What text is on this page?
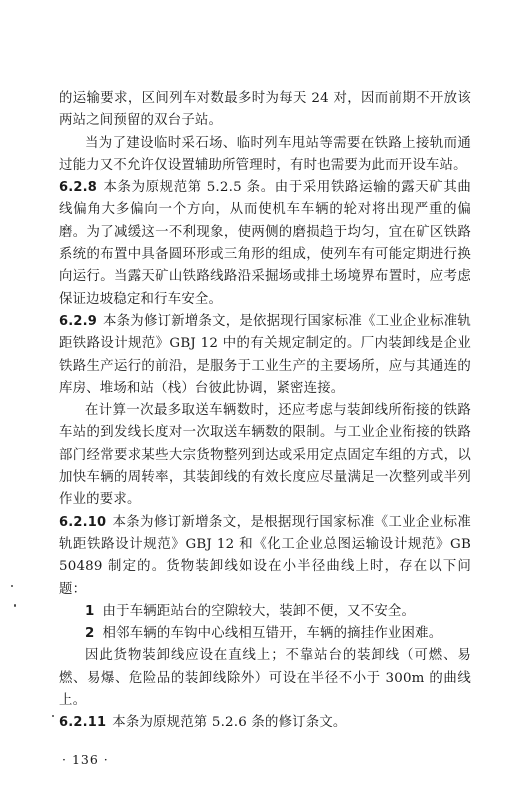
的运输要求，区间列车对数最多时为每天 24 对，因而前期不开放该两站之间预留的双台子站。

当为了建设临时采石场、临时列车甩站等需要在铁路上接轨而通过能力又不允许仅设置辅助所管理时，有时也需要为此而开设车站。

6.2.8 本条为原规范第 5.2.5 条。由于采用铁路运输的露天矿其曲线偏角大多偏向一个方向，从而使机车车辆的轮对将出现严重的偏磨。为了减缓这一不利现象，使两侧的磨损趋于均匀，宜在矿区铁路系统的布置中具备圆环形或三角形的组成，使列车有可能定期进行换向运行。当露天矿山铁路线路沿采掘场或排土场境界布置时，应考虑保证边坡稳定和行车安全。

6.2.9 本条为修订新增条文，是依据现行国家标准《工业企业标准轨距铁路设计规范》GBJ 12 中的有关规定制定的。厂内装卸线是企业铁路生产运行的前沿，是服务于工业生产的主要场所，应与其通连的库房、堆场和站（栈）台彼此协调，紧密连接。

在计算一次最多取送车辆数时，还应考虑与装卸线所衔接的铁路车站的到发线长度对一次取送车辆数的限制。与工业企业衔接的铁路部门经常要求某些大宗货物整列到达或采用定点固定车组的方式，以加快车辆的周转率，其装卸线的有效长度应尽量满足一次整列或半列作业的要求。

6.2.10 本条为修订新增条文，是根据现行国家标准《工业企业标准轨距铁路设计规范》GBJ 12 和《化工企业总图运输设计规范》GB 50489 制定的。货物装卸线如设在小半径曲线上时，存在以下问题：

1 由于车辆距站台的空隙较大，装卸不便，又不安全。

2 相邻车辆的车钩中心线相互错开，车辆的摘挂作业困难。

因此货物装卸线应设在直线上；不靠站台的装卸线（可燃、易燃、易爆、危险品的装卸线除外）可设在半径不小于 300m 的曲线上。

6.2.11 本条为原规范第 5.2.6 条的修订条文。

· 136 ·
